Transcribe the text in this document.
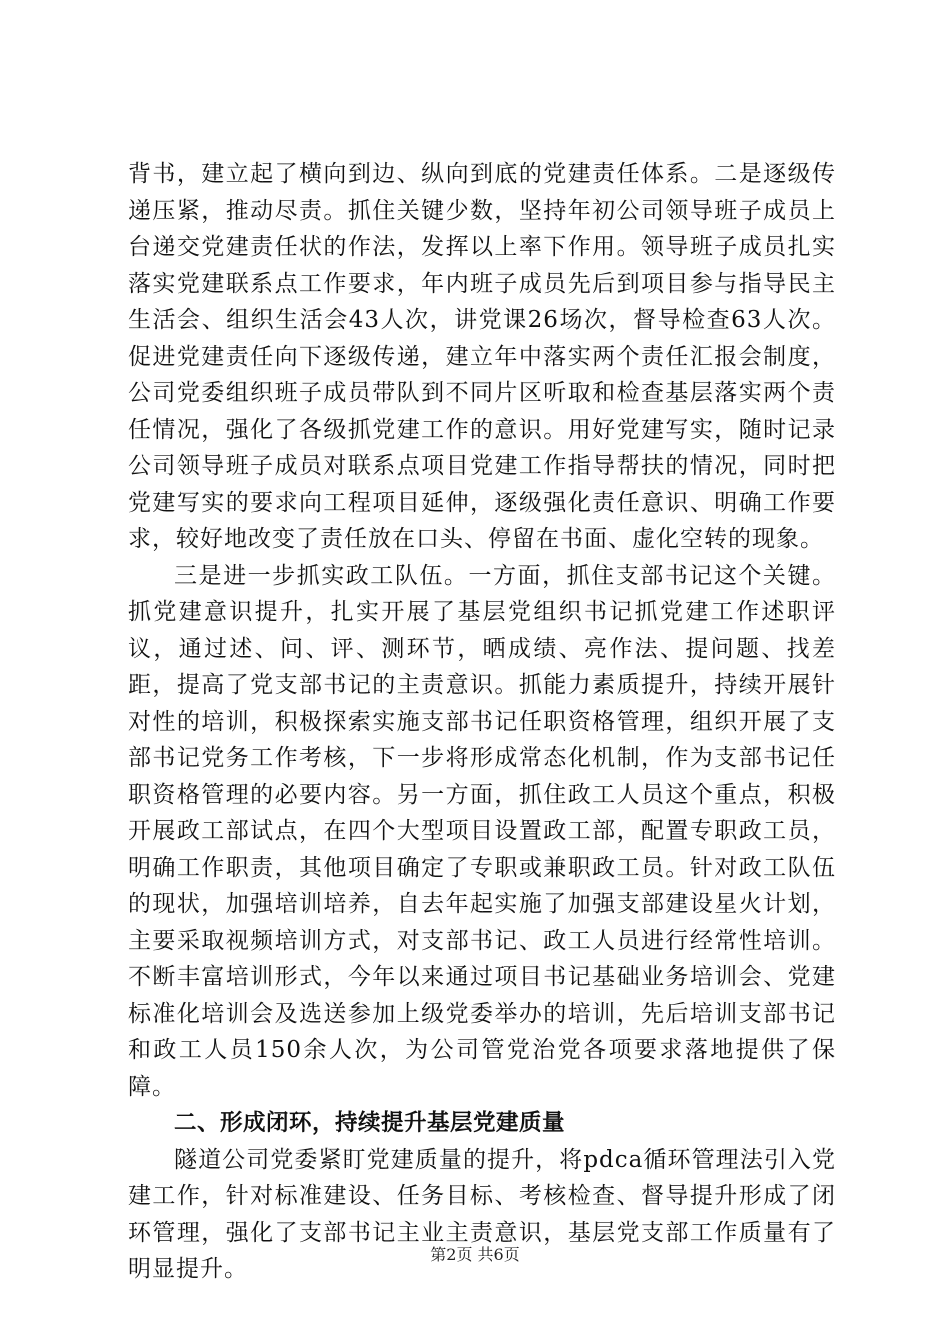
背书，建立起了横向到边、纵向到底的党建责任体系。二是逐级传递压紧，推动尽责。抓住关键少数，坚持年初公司领导班子成员上台递交党建责任状的作法，发挥以上率下作用。领导班子成员扎实落实党建联系点工作要求，年内班子成员先后到项目参与指导民主生活会、组织生活会43人次，讲党课26场次，督导检查63人次。促进党建责任向下逐级传递，建立年中落实两个责任汇报会制度，公司党委组织班子成员带队到不同片区听取和检查基层落实两个责任情况，强化了各级抓党建工作的意识。用好党建写实，随时记录公司领导班子成员对联系点项目党建工作指导帮扶的情况，同时把党建写实的要求向工程项目延伸，逐级强化责任意识、明确工作要求，较好地改变了责任放在口头、停留在书面、虚化空转的现象。

三是进一步抓实政工队伍。一方面，抓住支部书记这个关键。抓党建意识提升，扎实开展了基层党组织书记抓党建工作述职评议，通过述、问、评、测环节，晒成绩、亮作法、提问题、找差距，提高了党支部书记的主责意识。抓能力素质提升，持续开展针对性的培训，积极探索实施支部书记任职资格管理，组织开展了支部书记党务工作考核，下一步将形成常态化机制，作为支部书记任职资格管理的必要内容。另一方面，抓住政工人员这个重点，积极开展政工部试点，在四个大型项目设置政工部，配置专职政工员，明确工作职责，其他项目确定了专职或兼职政工员。针对政工队伍的现状，加强培训培养，自去年起实施了加强支部建设星火计划，主要采取视频培训方式，对支部书记、政工人员进行经常性培训。不断丰富培训形式，今年以来通过项目书记基础业务培训会、党建标准化培训会及选送参加上级党委举办的培训，先后培训支部书记和政工人员150余人次，为公司管党治党各项要求落地提供了保障。

二、形成闭环，持续提升基层党建质量

隧道公司党委紧盯党建质量的提升，将pdca循环管理法引入党建工作，针对标准建设、任务目标、考核检查、督导提升形成了闭环管理，强化了支部书记主业主责意识，基层党支部工作质量有了明显提升。

第2页 共6页
